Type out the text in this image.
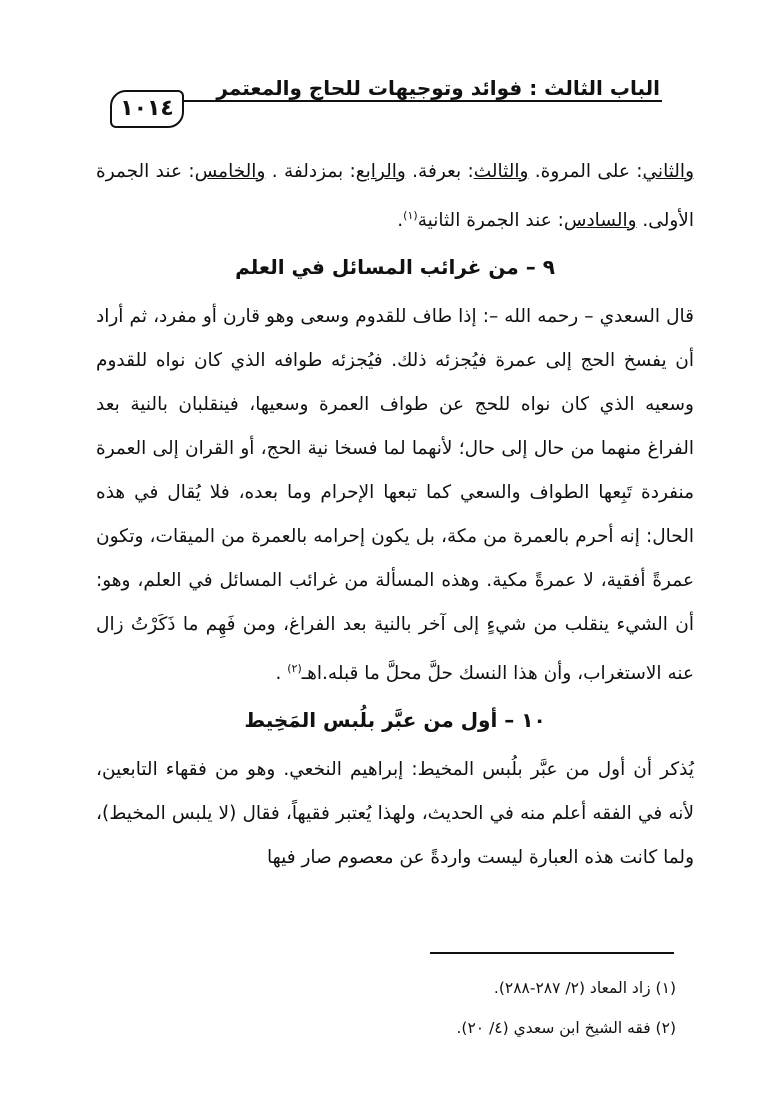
الباب الثالث : فوائد وتوجيهات للحاج والمعتمر
١٠١٤

والثاني: على المروة. والثالث: بعرفة. والرابع: بمزدلفة . والخامس: عند الجمرة الأولى. والسادس: عند الجمرة الثانية$^{(١)}$.

٩ – من غرائب المسائل في العلم

قال السعدي – رحمه الله –: إذا طاف للقدوم وسعى وهو قارن أو مفرد، ثم أراد أن يفسخ الحج إلى عمرة فيُجزئه ذلك. فيُجزئه طوافه الذي كان نواه للقدوم وسعيه الذي كان نواه للحج عن طواف العمرة وسعيها، فينقلبان بالنية بعد الفراغ منهما من حال إلى حال؛ لأنهما لما فسخا نية الحج، أو القران إلى العمرة منفردة تَبِعها الطواف والسعي كما تبعها الإحرام وما بعده، فلا يُقال في هذه الحال: إنه أحرم بالعمرة من مكة، بل يكون إحرامه بالعمرة من الميقات، وتكون عمرةً أفقية، لا عمرةً مكية. وهذه المسألة من غرائب المسائل في العلم، وهو: أن الشيء ينقلب من شيءٍ إلى آخر بالنية بعد الفراغ، ومن فَهِم ما ذَكَرْتُ زال عنه الاستغراب، وأن هذا النسك حلَّ محلَّ ما قبله.اهـ$^{(٢)}$ .

١٠ – أول من عبَّر بلُبس المَخِيط

يُذكر أن أول من عبَّر بلُبس المخيط: إبراهيم النخعي. وهو من فقهاء التابعين، لأنه في الفقه أعلم منه في الحديث، ولهذا يُعتبر فقيهاً، فقال (لا يلبس المخيط)، ولما كانت هذه العبارة ليست واردةً عن معصوم صار فيها

(١) زاد المعاد (٢/ ٢٨٧-٢٨٨).

(٢) فقه الشيخ ابن سعدي (٤/ ٢٠).
